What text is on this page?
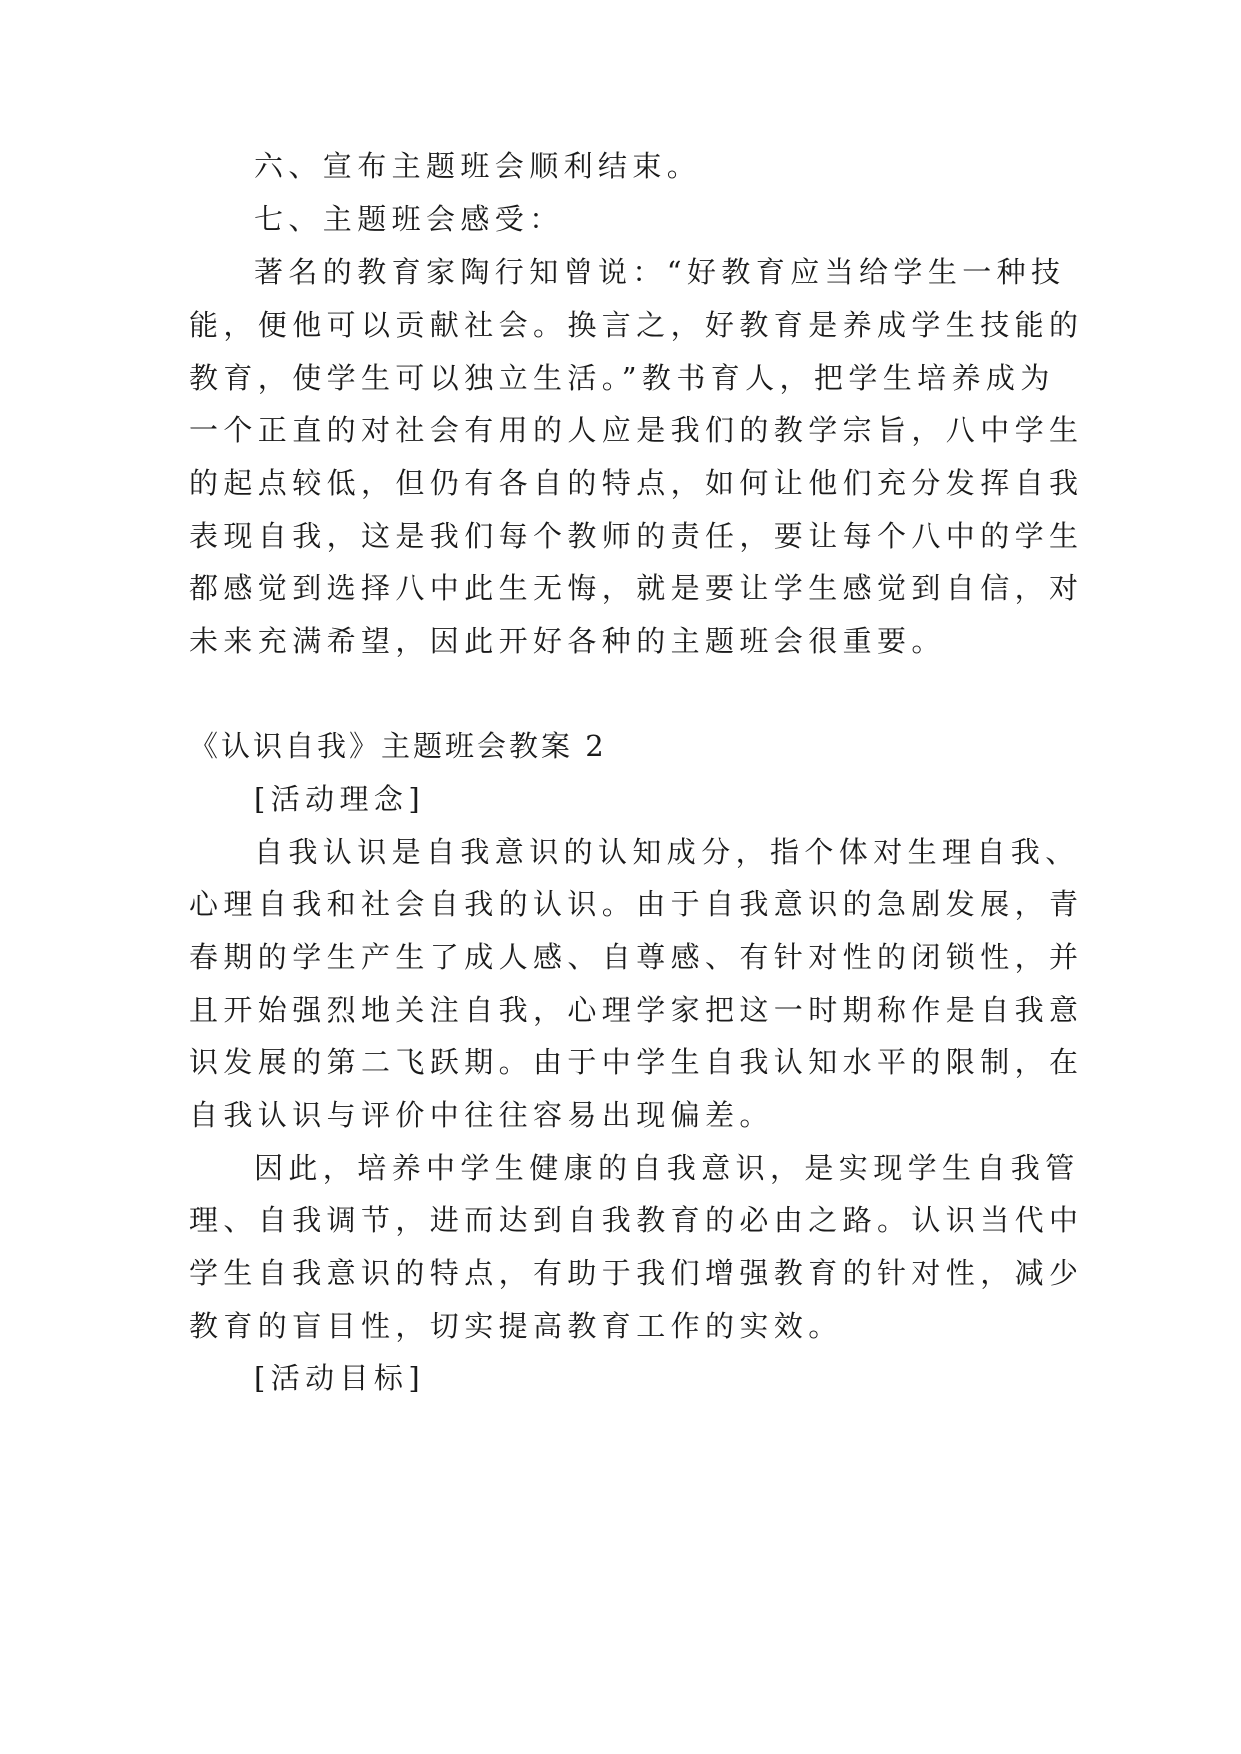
六、宣布主题班会顺利结束。
七、主题班会感受：
著名的教育家陶行知曾说：“好教育应当给学生一种技
能，便他可以贡献社会。换言之，好教育是养成学生技能的
教育，使学生可以独立生活。”教书育人，把学生培养成为
一个正直的对社会有用的人应是我们的教学宗旨，八中学生
的起点较低，但仍有各自的特点，如何让他们充分发挥自我
表现自我，这是我们每个教师的责任，要让每个八中的学生
都感觉到选择八中此生无悔，就是要让学生感觉到自信，对
未来充满希望，因此开好各种的主题班会很重要。
《认识自我》主题班会教案 2
[活动理念]
自我认识是自我意识的认知成分，指个体对生理自我、
心理自我和社会自我的认识。由于自我意识的急剧发展，青
春期的学生产生了成人感、自尊感、有针对性的闭锁性，并
且开始强烈地关注自我，心理学家把这一时期称作是自我意
识发展的第二飞跃期。由于中学生自我认知水平的限制，在
自我认识与评价中往往容易出现偏差。
因此，培养中学生健康的自我意识，是实现学生自我管
理、自我调节，进而达到自我教育的必由之路。认识当代中
学生自我意识的特点，有助于我们增强教育的针对性，减少
教育的盲目性，切实提高教育工作的实效。
[活动目标]
